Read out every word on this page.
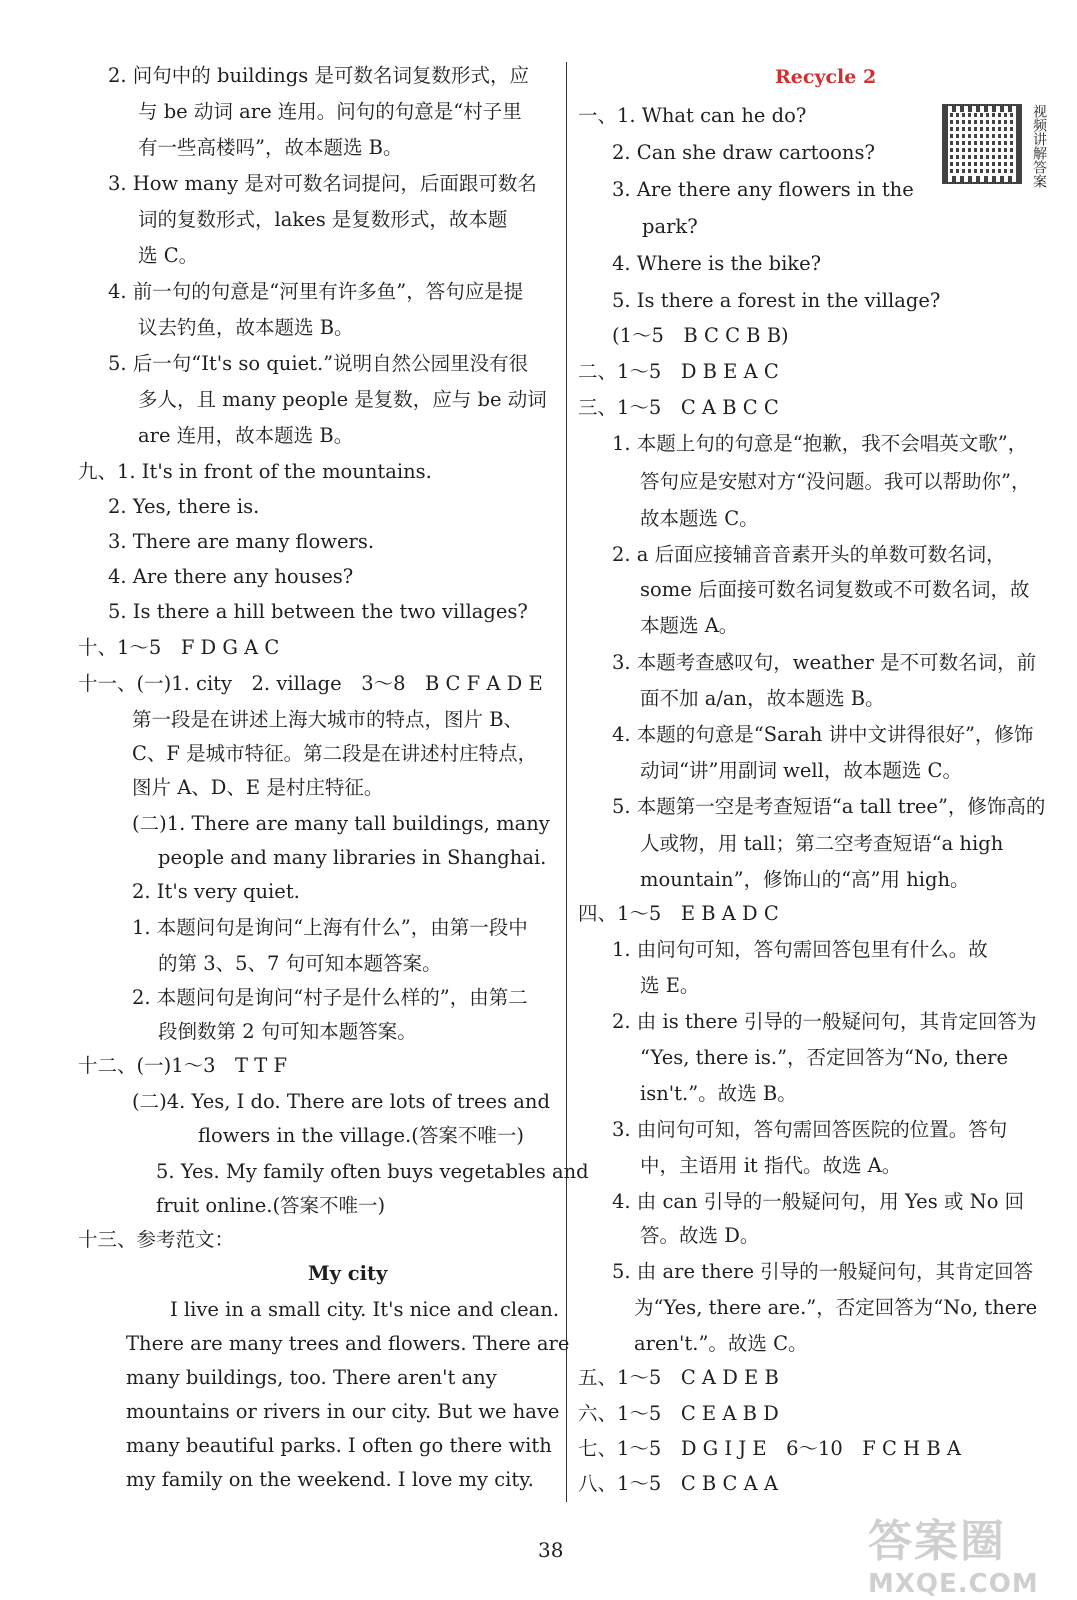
Recycle 2
视频讲解答案
2. 问句中的 buildings 是可数名词复数形式，应
与 be 动词 are 连用。问句的句意是“村子里
有一些高楼吗”，故本题选 B。
3. How many 是对可数名词提问，后面跟可数名
词的复数形式，lakes 是复数形式，故本题
选 C。
4. 前一句的句意是“河里有许多鱼”，答句应是提
议去钓鱼，故本题选 B。
5. 后一句“It's so quiet.”说明自然公园里没有很
多人，且 many people 是复数，应与 be 动词
are 连用，故本题选 B。
九、1. It's in front of the mountains.
2. Yes, there is.
3. There are many flowers.
4. Are there any houses?
5. Is there a hill between the two villages?
十、1～5　F D G A C
十一、(一)1. city　2. village　3～8　B C F A D E
第一段是在讲述上海大城市的特点，图片 B、
C、F 是城市特征。第二段是在讲述村庄特点，
图片 A、D、E 是村庄特征。
(二)1. There are many tall buildings, many
people and many libraries in Shanghai.
2. It's very quiet.
1. 本题问句是询问“上海有什么”，由第一段中
的第 3、5、7 句可知本题答案。
2. 本题问句是询问“村子是什么样的”，由第二
段倒数第 2 句可知本题答案。
十二、(一)1～3　T T F
(二)4. Yes, I do. There are lots of trees and
flowers in the village.(答案不唯一)
5. Yes. My family often buys vegetables and
fruit online.(答案不唯一)
十三、参考范文：
My city
I live in a small city. It's nice and clean.
There are many trees and flowers. There are
many buildings, too. There aren't any
mountains or rivers in our city. But we have
many beautiful parks. I often go there with
my family on the weekend. I love my city.
一、1. What can he do?
2. Can she draw cartoons?
3. Are there any flowers in the
park?
4. Where is the bike?
5. Is there a forest in the village?
(1～5　B C C B B)
二、1～5　D B E A C
三、1～5　C A B C C
1. 本题上句的句意是“抱歉，我不会唱英文歌”，
答句应是安慰对方“没问题。我可以帮助你”，
故本题选 C。
2. a 后面应接辅音音素开头的单数可数名词，
some 后面接可数名词复数或不可数名词，故
本题选 A。
3. 本题考查感叹句，weather 是不可数名词，前
面不加 a/an，故本题选 B。
4. 本题的句意是“Sarah 讲中文讲得很好”，修饰
动词“讲”用副词 well，故本题选 C。
5. 本题第一空是考查短语“a tall tree”，修饰高的
人或物，用 tall；第二空考查短语“a high
mountain”，修饰山的“高”用 high。
四、1～5　E B A D C
1. 由问句可知，答句需回答包里有什么。故
选 E。
2. 由 is there 引导的一般疑问句，其肯定回答为
“Yes, there is.”，否定回答为“No, there
isn't.”。故选 B。
3. 由问句可知，答句需回答医院的位置。答句
中，主语用 it 指代。故选 A。
4. 由 can 引导的一般疑问句，用 Yes 或 No 回
答。故选 D。
5. 由 are there 引导的一般疑问句，其肯定回答
为“Yes, there are.”，否定回答为“No, there
aren't.”。故选 C。
五、1～5　C A D E B
六、1～5　C E A B D
七、1～5　D G I J E　6～10　F C H B A
八、1～5　C B C A A
38	答案圈
MXQE.COM
